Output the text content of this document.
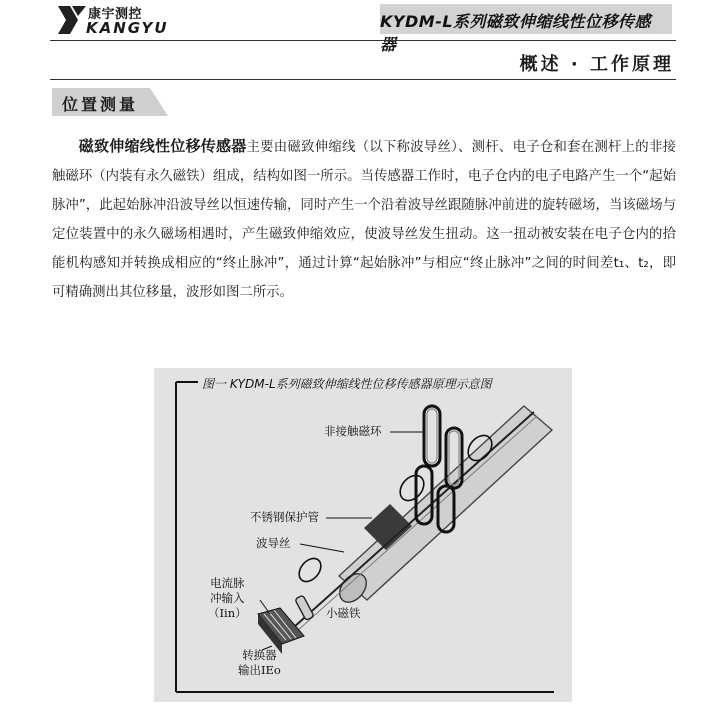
康宇测控
KANGYU	KYDM-L系列磁致伸缩线性位移传感器
概述 · 工作原理
位置测量
磁致伸缩线性位移传感器主要由磁致伸缩线（以下称波导丝）、测杆、电子仓和套在测杆上的非接触磁环（内装有永久磁铁）组成，结构如图一所示。当传感器工作时，电子仓内的电子电路产生一个“起始脉冲”，此起始脉冲沿波导丝以恒速传输，同时产生一个沿着波导丝跟随脉冲前进的旋转磁场，当该磁场与定位装置中的永久磁场相遇时，产生磁致伸缩效应，使波导丝发生扭动。这一扭动被安装在电子仓内的拾能机构感知并转换成相应的“终止脉冲”，通过计算“起始脉冲”与相应“终止脉冲”之间的时间差t₁、t₂，即可精确测出其位移量，波形如图二所示。
图一 KYDM-L系列磁致伸缩线性位移传感器原理示意图
非接触磁环
不锈钢保护管
波导丝
电流脉
冲输入
（Iin）	小磁铁
转换器
输出IEo
